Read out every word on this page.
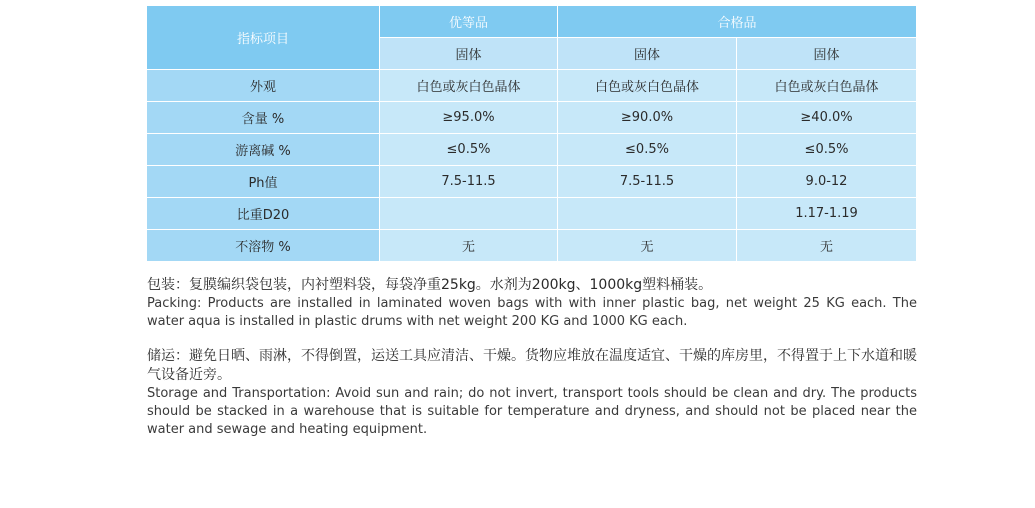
指标项目	优等品	合格品	
	固体	固体	固体
外观	白色或灰白色晶体	白色或灰白色晶体	白色或灰白色晶体
含量 %	≥95.0%	≥90.0%	≥40.0%
游离碱 %	≤0.5%	≤0.5%	≤0.5%
Ph值	7.5-11.5	7.5-11.5	9.0-12
比重D20			1.17-1.19
不溶物 %	无	无	无
包装：复膜编织袋包装，内衬塑料袋，每袋净重25kg。水剂为200kg、1000kg塑料桶装。
Packing: Products are installed in laminated woven bags with with inner plastic bag, net weight 25 KG each. The water aqua is installed in plastic drums with net weight 200 KG and 1000 KG each.
储运：避免日晒、雨淋，不得倒置，运送工具应清洁、干燥。货物应堆放在温度适宜、干燥的库房里，不得置于上下水道和暖气设备近旁。
Storage and Transportation: Avoid sun and rain; do not invert, transport tools should be clean and dry. The products should be stacked in a warehouse that is suitable for temperature and dryness, and should not be placed near the water and sewage and heating equipment.
